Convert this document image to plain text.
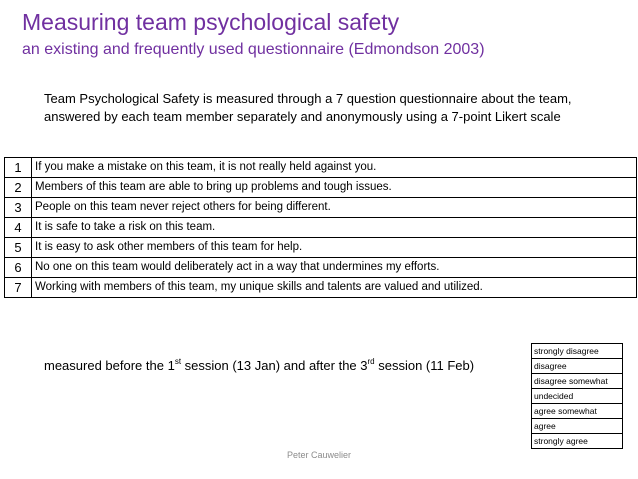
Measuring team psychological safety
an existing and frequently used questionnaire (Edmondson 2003)
Team Psychological Safety is measured through a 7 question questionnaire about the team, answered by each team member separately and anonymously using a 7-point Likert scale
1	If you make a mistake on this team, it is not really held against you.
2	Members of this team are able to bring up problems and tough issues.
3	People on this team never reject others for being different.
4	It is safe to take a risk on this team.
5	It is easy to ask other members of this team for help.
6	No one on this team would deliberately act in a way that undermines my efforts.
7	Working with members of this team, my unique skills and talents are valued and utilized.
measured before the 1st session (13 Jan) and after the 3rd session (11 Feb)
strongly disagree
disagree
disagree somewhat
undecided
agree somewhat
agree
strongly agree
Peter Cauwelier
